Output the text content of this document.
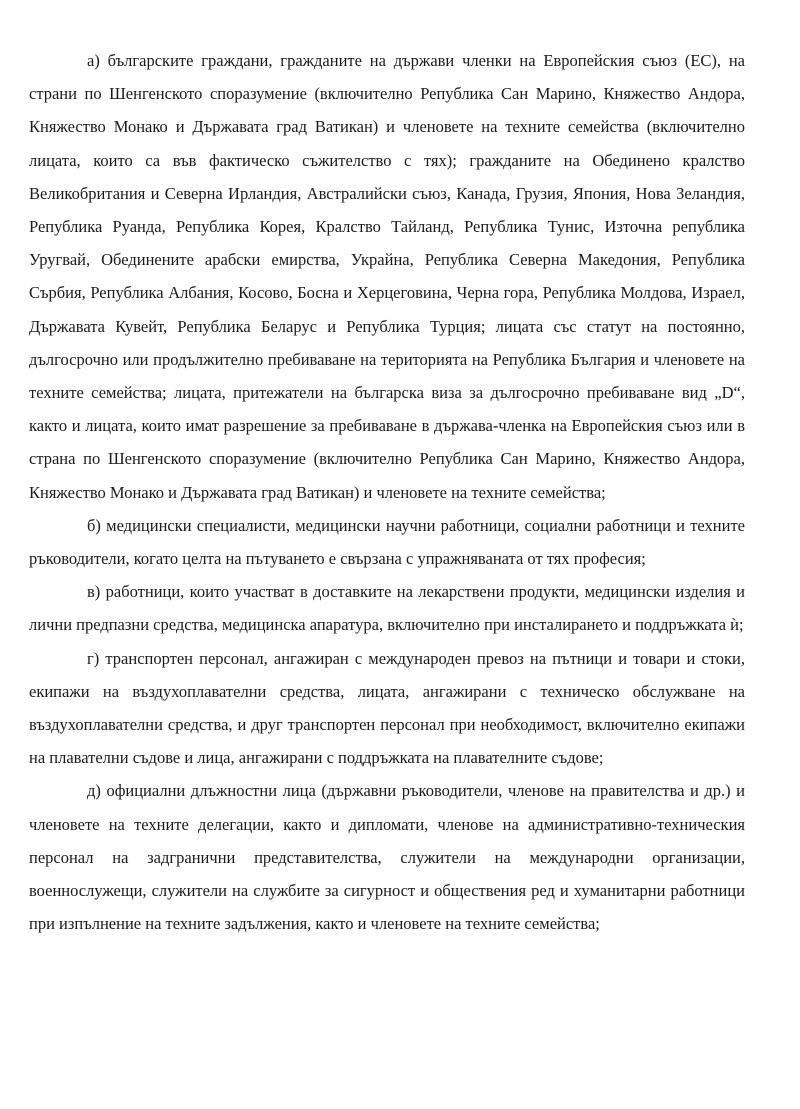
а) българските граждани, гражданите на държави членки на Европейския съюз (ЕС), на страни по Шенгенското споразумение (включително Република Сан Марино, Княжество Андора, Княжество Монако и Държавата град Ватикан) и членовете на техните семейства (включително лицата, които са във фактическо съжителство с тях); гражданите на Обединено кралство Великобритания и Северна Ирландия, Австралийски съюз, Канада, Грузия, Япония, Нова Зеландия, Република Руанда, Република Корея, Кралство Тайланд, Република Тунис, Източна република Уругвай, Обединените арабски емирства, Украйна, Република Северна Македония, Република Сърбия, Република Албания, Косово, Босна и Херцеговина, Черна гора, Република Молдова, Израел, Държавата Кувейт, Република Беларус и Република Турция; лицата със статут на постоянно, дългосрочно или продължително пребиваване на територията на Република България и членовете на техните семейства; лицата, притежатели на българска виза за дългосрочно пребиваване вид „D“, както и лицата, които имат разрешение за пребиваване в държава-членка на Европейския съюз или в страна по Шенгенското споразумение (включително Република Сан Марино, Княжество Андора, Княжество Монако и Държавата град Ватикан) и членовете на техните семейства;

б) медицински специалисти, медицински научни работници, социални работници и техните ръководители, когато целта на пътуването е свързана с упражняваната от тях професия;

в) работници, които участват в доставките на лекарствени продукти, медицински изделия и лични предпазни средства, медицинска апаратура, включително при инсталирането и поддръжката ѝ;

г) транспортен персонал, ангажиран с международен превоз на пътници и товари и стоки, екипажи на въздухоплавателни средства, лицата, ангажирани с техническо обслужване на въздухоплавателни средства, и друг транспортен персонал при необходимост, включително екипажи на плавателни съдове и лица, ангажирани с поддръжката на плавателните съдове;

д) официални длъжностни лица (държавни ръководители, членове на правителства и др.) и членовете на техните делегации, както и дипломати, членове на административно-техническия персонал на задгранични представителства, служители на международни организации, военнослужещи, служители на службите за сигурност и обществения ред и хуманитарни работници при изпълнение на техните задължения, както и членовете на техните семейства;
